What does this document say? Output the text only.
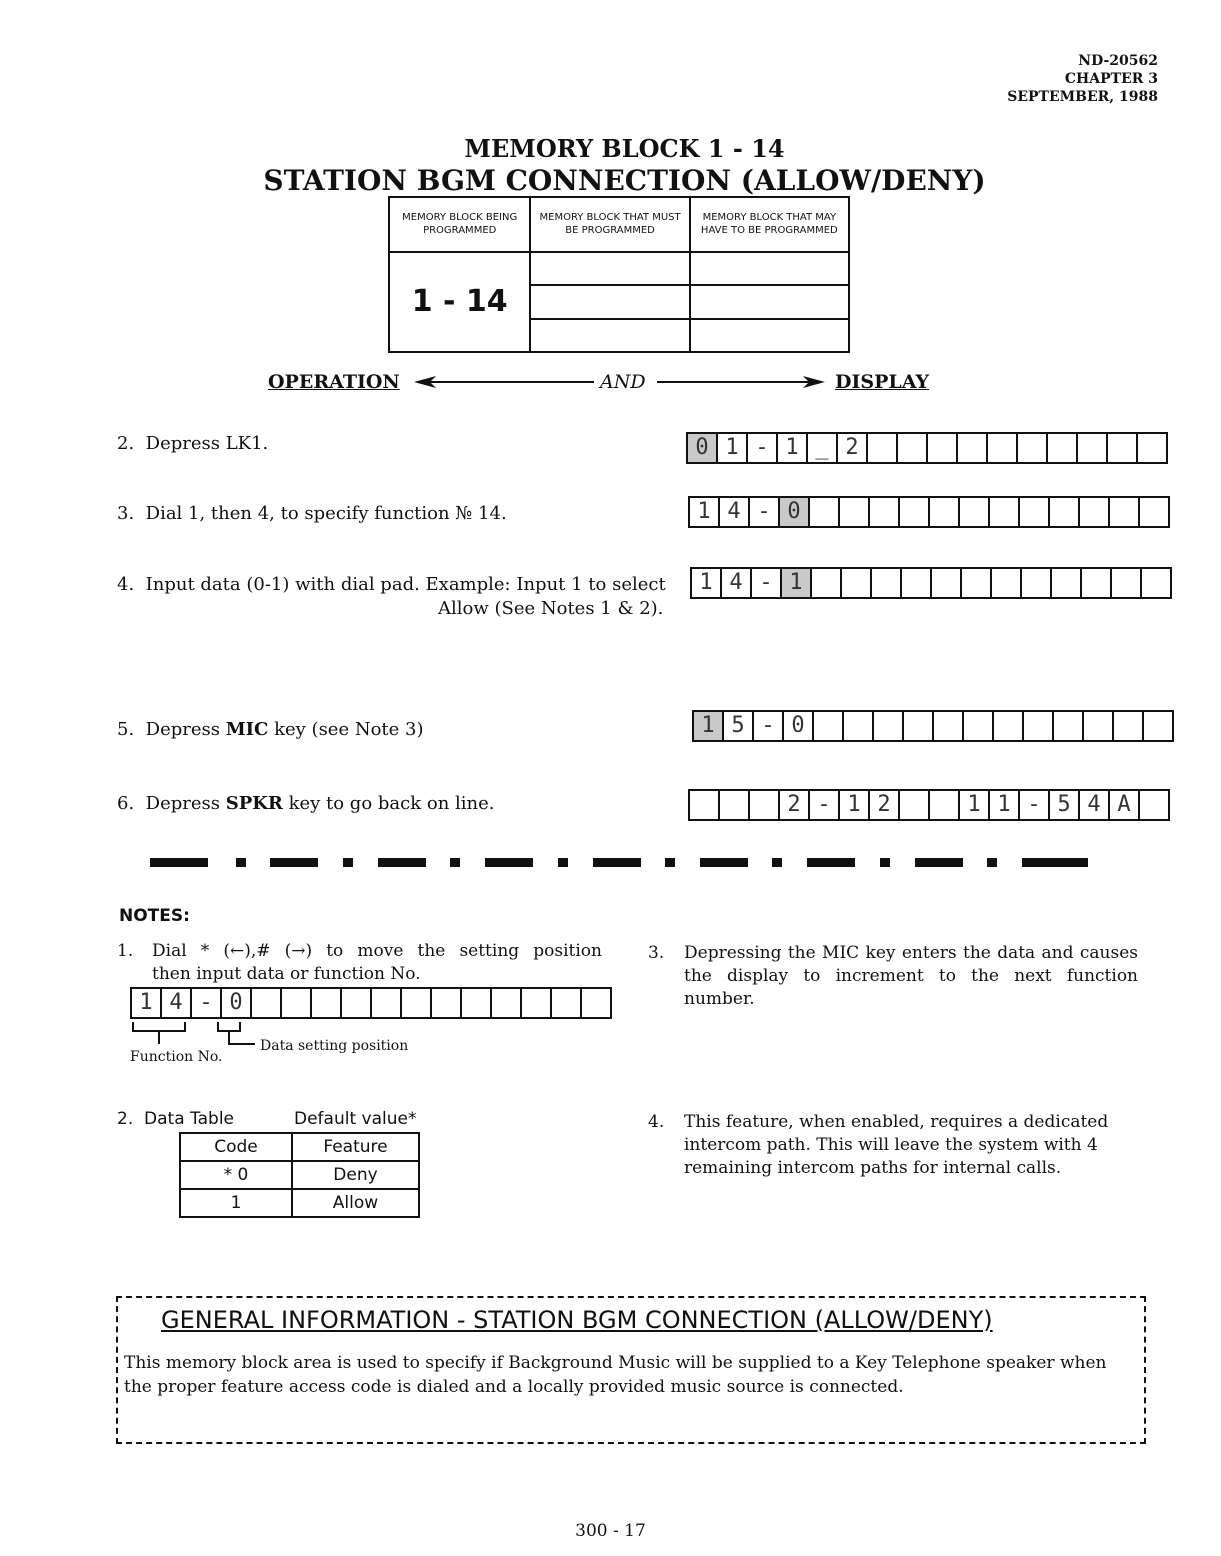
ND-20562
CHAPTER 3
SEPTEMBER, 1988
MEMORY BLOCK 1 - 14
STATION BGM CONNECTION (ALLOW/DENY)
MEMORY BLOCK BEING PROGRAMMED	MEMORY BLOCK THAT MUST BE PROGRAMMED	MEMORY BLOCK THAT MAY HAVE TO BE PROGRAMMED
1 - 14		

OPERATION	AND	DISPLAY
2. Depress LK1.	0 1 - 1 _ 2
3. Dial 1, then 4, to specify function № 14.	1 4 - 0
4. Input data (0-1) with dial pad. Example: Input 1 to select
Allow (See Notes 1 & 2).
1 4 - 1
5. Depress MIC key (see Note 3)	1 5 - 0
6. Depress SPKR key to go back on line.	2 - 1 2	1 1 - 5 4 A
NOTES:
1.	Dial * (←),# (→) to move the setting position
then input data or function No.
1 4 - 0
Function No.
Data setting position
2. Data Table	Default value*
Code	Feature
* 0	Deny
1	Allow
3.	Depressing the MIC key enters the data and causes the display to increment to the next function number.
4.	This feature, when enabled, requires a dedicated intercom path. This will leave the system with 4 remaining intercom paths for internal calls.
GENERAL INFORMATION - STATION BGM CONNECTION (ALLOW/DENY)
This memory block area is used to specify if Background Music will be supplied to a Key Telephone speaker when the proper feature access code is dialed and a locally provided music source is connected.
300 - 17
